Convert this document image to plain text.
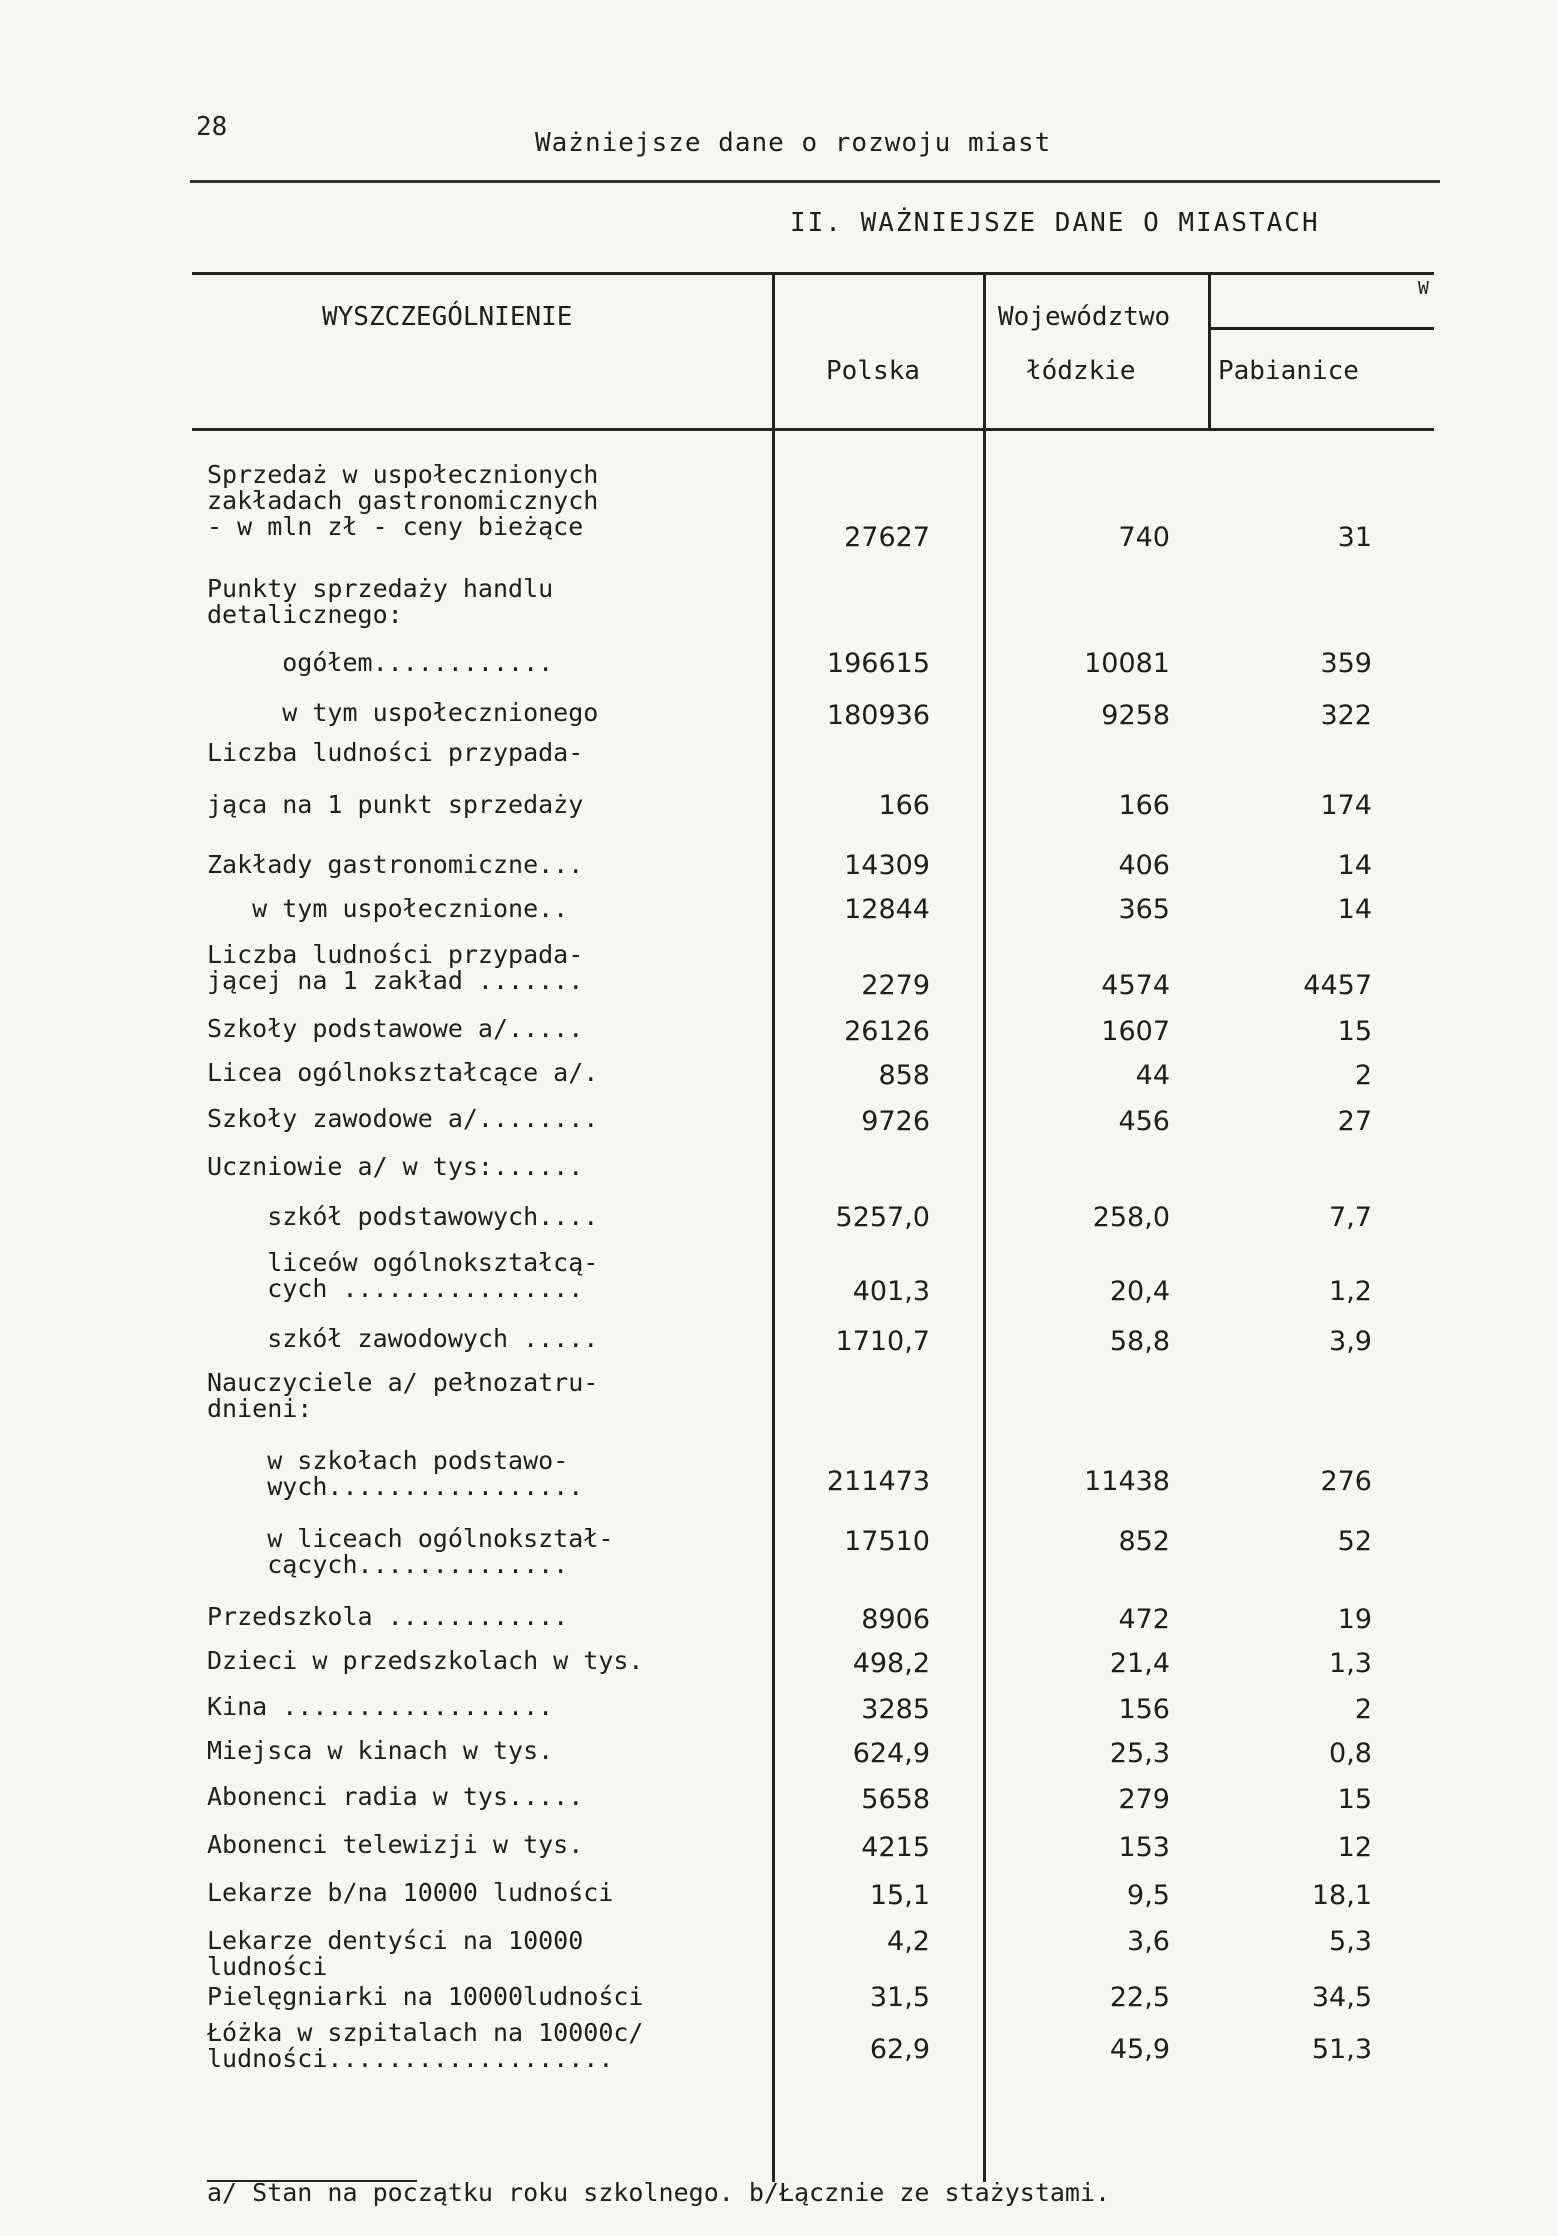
28
Ważniejsze dane o rozwoju miast
II. WAŻNIEJSZE DANE O MIASTACH
WYSZCZEGÓLNIENIE
Polska
Województwo
łódzkie
W
Pabianice
Sprzedaż w uspołecznionych
zakładach gastronomicznych
- w mln zł - ceny bieżące	27627	740	31
Punkty sprzedaży handlu
detalicznego:
ogółem............	196615	10081	359
w tym uspołecznionego	180936	9258	322
Liczba ludności przypada-
jąca na 1 punkt sprzedaży	166	166	174
Zakłady gastronomiczne...	14309	406	14
w tym uspołecznione..	12844	365	14
Liczba ludności przypada-
jącej na 1 zakład .......	2279	4574	4457
Szkoły podstawowe a/.....	26126	1607	15
Licea ogólnokształcące a/.	858	44	2
Szkoły zawodowe a/........	9726	456	27
Uczniowie a/ w tys:......
szkół podstawowych....	5257,0	258,0	7,7
liceów ogólnokształcą-
cych ................	401,3	20,4	1,2
szkół zawodowych .....	1710,7	58,8	3,9
Nauczyciele a/ pełnozatru-
dnieni:
w szkołach podstawo-
wych.................	211473	11438	276
w liceach ogólnokształ-
cących..............
17510	852	52
Przedszkola ............	8906	472	19
Dzieci w przedszkolach w tys.	498,2	21,4	1,3
Kina ..................	3285	156	2
Miejsca w kinach w tys.	624,9	25,3	0,8
Abonenci radia w tys.....	5658	279	15
Abonenci telewizji w tys.	4215	153	12
Lekarze b/na 10000 ludności	15,1	9,5	18,1
Lekarze dentyści na 10000
ludności
4,2	3,6	5,3
Pielęgniarki na 10000ludności	31,5	22,5	34,5
Łóżka w szpitalach na 10000c/
ludności...................	62,9	45,9	51,3
a/ Stan na początku roku szkolnego. b/Łącznie ze stażystami.
